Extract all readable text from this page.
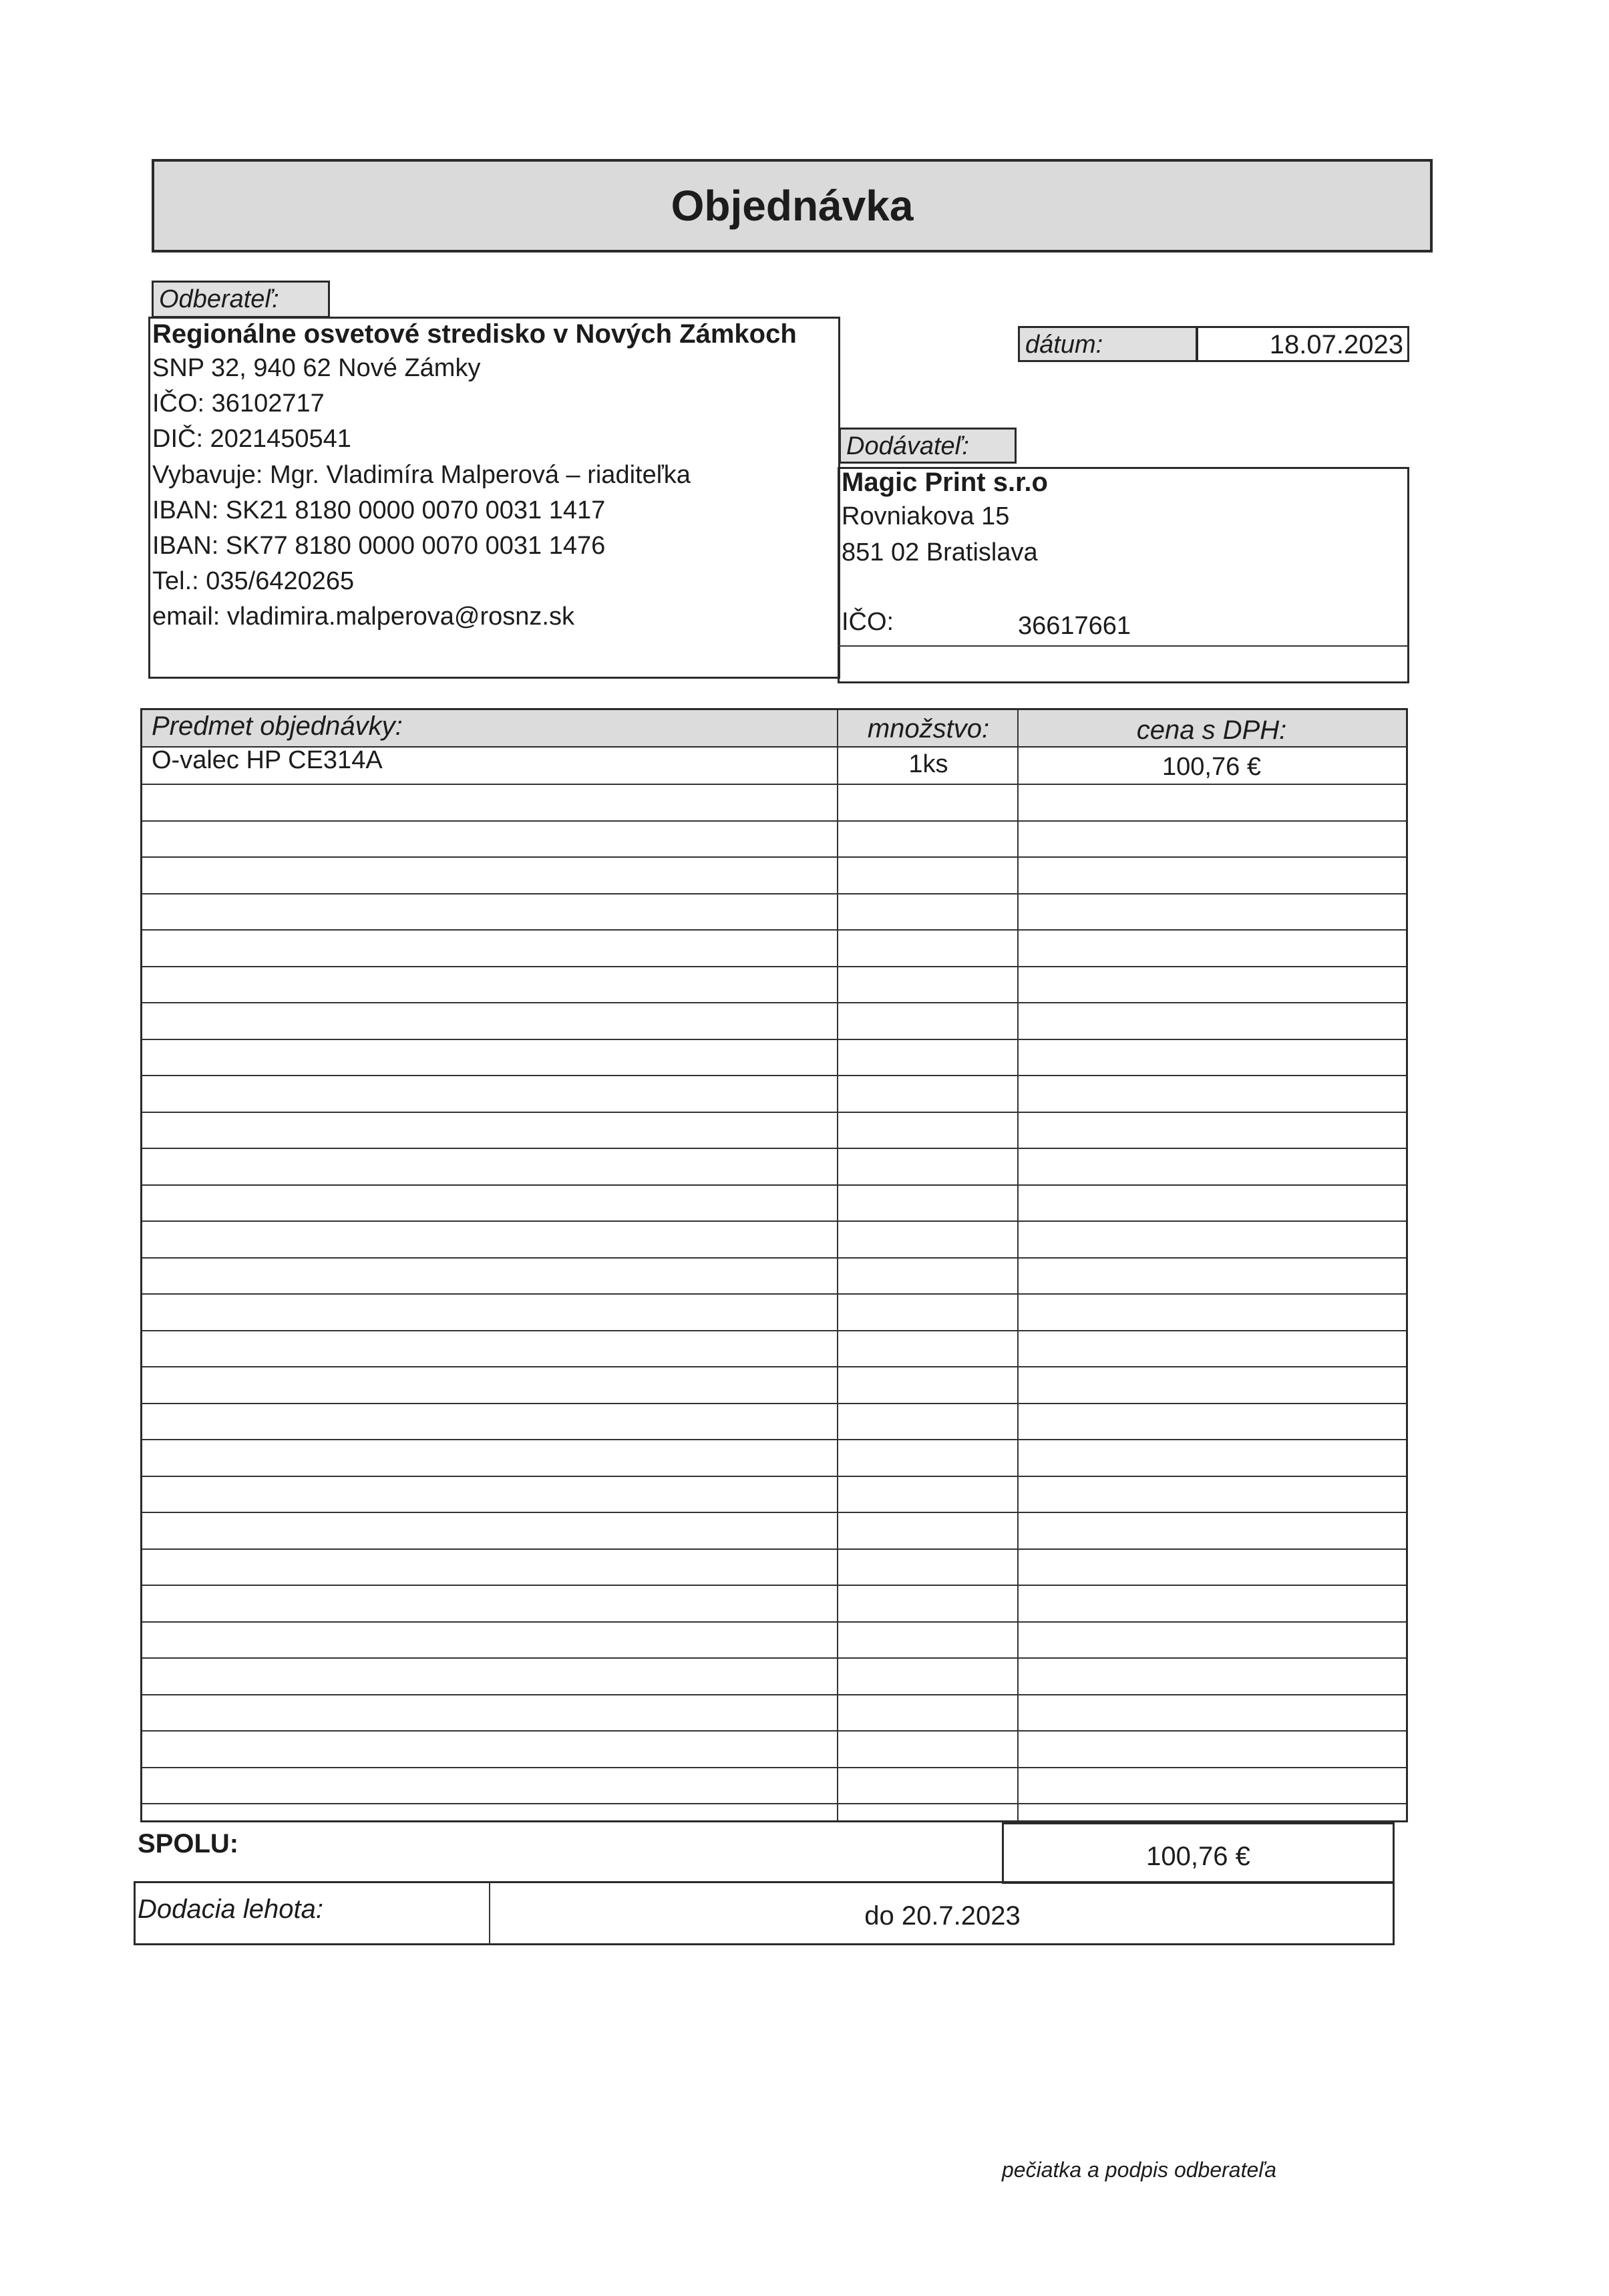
Objednávka
Odberateľ:
Regionálne osvetové stredisko v Nových Zámkoch
SNP 32, 940 62 Nové Zámky
IČO: 36102717
DIČ: 2021450541
Vybavuje: Mgr. Vladimíra Malperová – riaditeľka
IBAN: SK21 8180 0000 0070 0031 1417
IBAN: SK77 8180 0000 0070 0031 1476
Tel.: 035/6420265
email: vladimira.malperova@rosnz.sk
dátum:	18.07.2023
Dodávateľ:
Magic Print s.r.o
Rovniakova 15
851 02 Bratislava
IČO:	36617661
Predmet objednávky:	množstvo:	cena s DPH:
O-valec HP CE314A	1ks	100,76 €
SPOLU:	100,76 €
Dodacia lehota:	do 20.7.2023
pečiatka a podpis odberateľa
